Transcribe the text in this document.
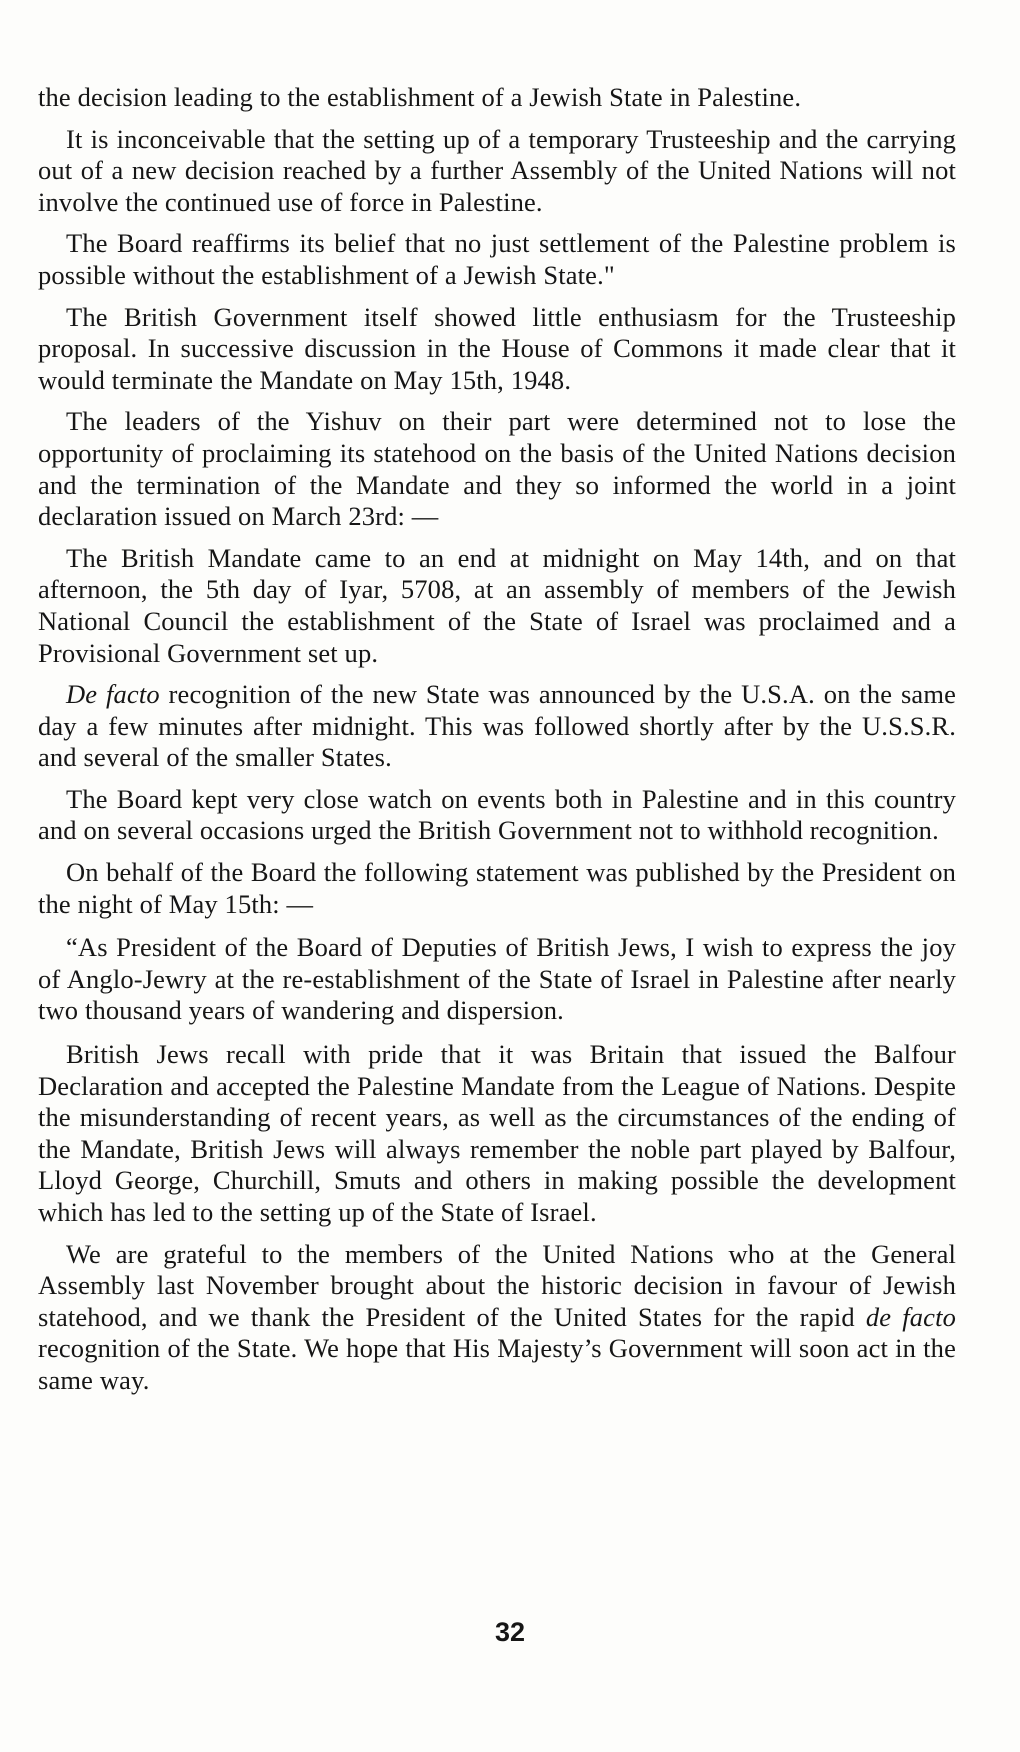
the decision leading to the establishment of a Jewish State in Palestine.

It is inconceivable that the setting up of a temporary Trusteeship and the carrying out of a new decision reached by a further Assembly of the United Nations will not involve the continued use of force in Palestine.

The Board reaffirms its belief that no just settlement of the Palestine problem is possible without the establishment of a Jewish State."

The British Government itself showed little enthusiasm for the Trusteeship proposal. In successive discussion in the House of Commons it made clear that it would terminate the Mandate on May 15th, 1948.

The leaders of the Yishuv on their part were determined not to lose the opportunity of proclaiming its statehood on the basis of the United Nations decision and the termination of the Mandate and they so informed the world in a joint declaration issued on March 23rd: —

The British Mandate came to an end at midnight on May 14th, and on that afternoon, the 5th day of Iyar, 5708, at an assembly of members of the Jewish National Council the establishment of the State of Israel was proclaimed and a Provisional Government set up.

De facto recognition of the new State was announced by the U.S.A. on the same day a few minutes after midnight. This was followed shortly after by the U.S.S.R. and several of the smaller States.

The Board kept very close watch on events both in Palestine and in this country and on several occasions urged the British Government not to withhold recognition.

On behalf of the Board the following statement was published by the President on the night of May 15th: —

“As President of the Board of Deputies of British Jews, I wish to express the joy of Anglo-Jewry at the re-establishment of the State of Israel in Palestine after nearly two thousand years of wandering and dispersion.

British Jews recall with pride that it was Britain that issued the Balfour Declaration and accepted the Palestine Mandate from the League of Nations. Despite the misunderstanding of recent years, as well as the circumstances of the ending of the Mandate, British Jews will always remember the noble part played by Balfour, Lloyd George, Churchill, Smuts and others in making possible the development which has led to the setting up of the State of Israel.

We are grateful to the members of the United Nations who at the General Assembly last November brought about the historic decision in favour of Jewish statehood, and we thank the President of the United States for the rapid de facto recognition of the State. We hope that His Majesty’s Government will soon act in the same way.

32
